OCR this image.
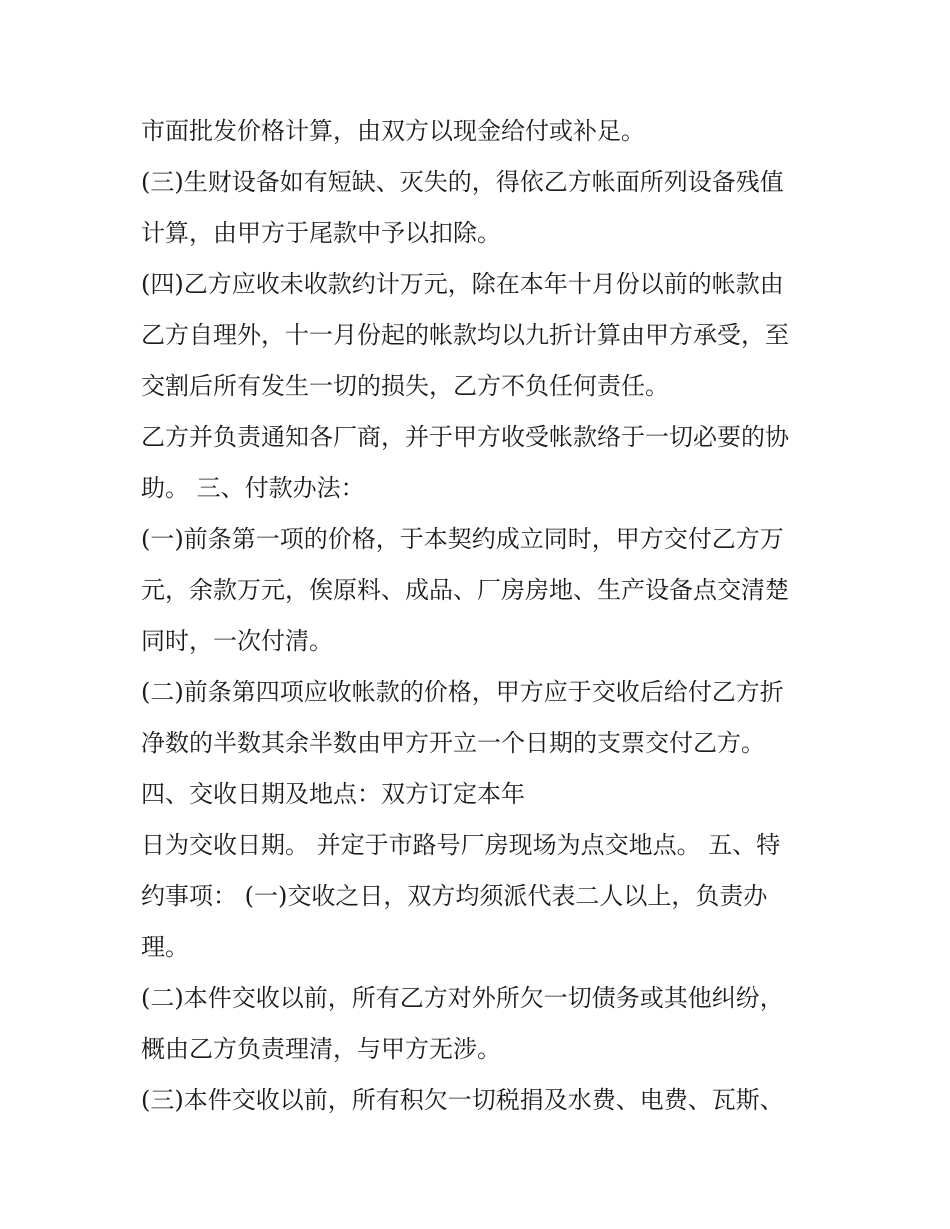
市面批发价格计算，由双方以现金给付或补足。
(三)生财设备如有短缺、灭失的，得依乙方帐面所列设备残值
计算，由甲方于尾款中予以扣除。
(四)乙方应收未收款约计万元，除在本年十月份以前的帐款由
乙方自理外，十一月份起的帐款均以九折计算由甲方承受，至
交割后所有发生一切的损失，乙方不负任何责任。
乙方并负责通知各厂商，并于甲方收受帐款络于一切必要的协
助。 三、付款办法：
(一)前条第一项的价格，于本契约成立同时，甲方交付乙方万
元，余款万元，俟原料、成品、厂房房地、生产设备点交清楚
同时，一次付清。
(二)前条第四项应收帐款的价格，甲方应于交收后给付乙方折
净数的半数其余半数由甲方开立一个日期的支票交付乙方。
四、交收日期及地点：双方订定本年
日为交收日期。 并定于市路号厂房现场为点交地点。 五、特
约事项： (一)交收之日，双方均须派代表二人以上，负责办
理。
(二)本件交收以前，所有乙方对外所欠一切债务或其他纠纷，
概由乙方负责理清，与甲方无涉。
(三)本件交收以前，所有积欠一切税捐及水费、电费、瓦斯、
